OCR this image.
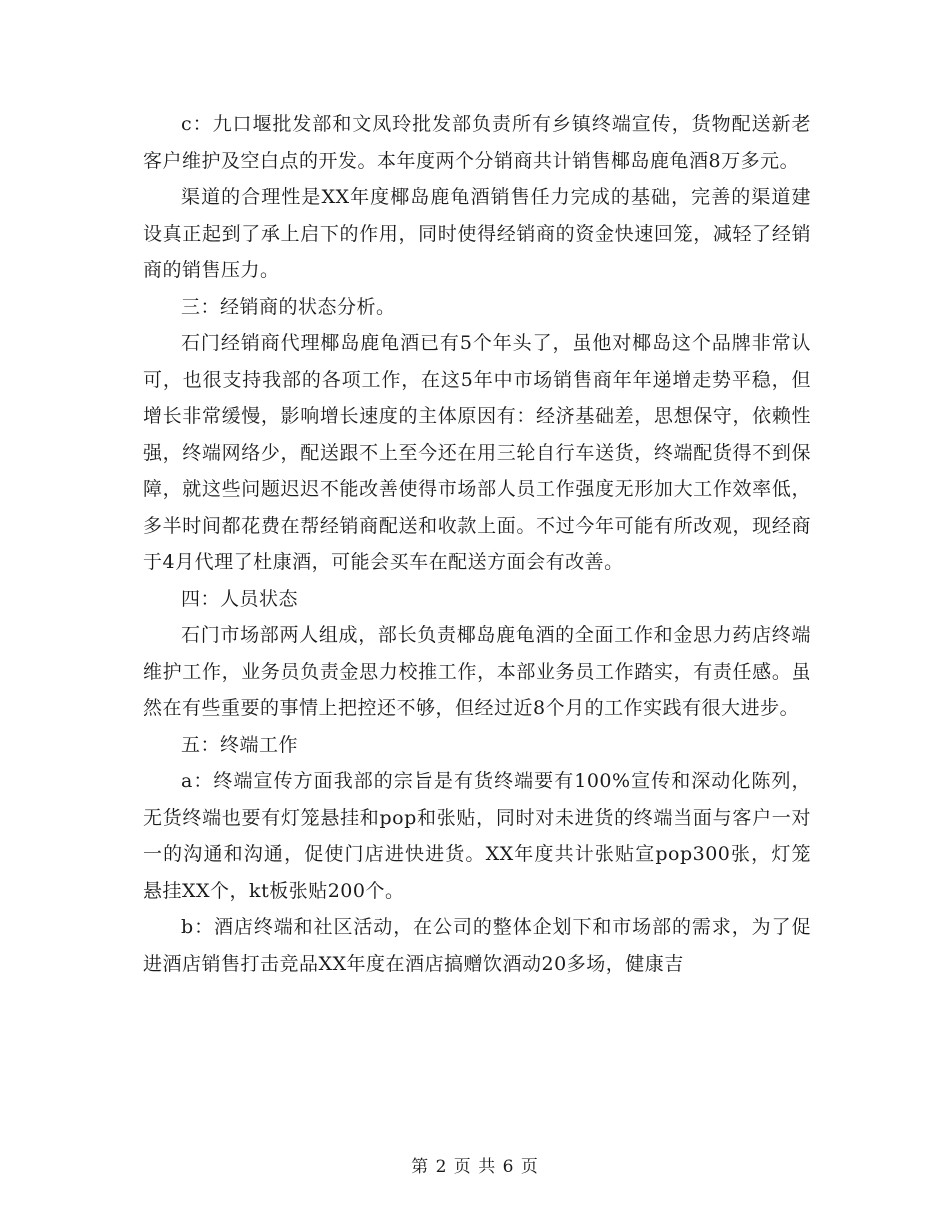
c：九口堰批发部和文凤玲批发部负责所有乡镇终端宣传，货物配送新老客户维护及空白点的开发。本年度两个分销商共计销售椰岛鹿龟酒8万多元。

渠道的合理性是XX年度椰岛鹿龟酒销售任力完成的基础，完善的渠道建设真正起到了承上启下的作用，同时使得经销商的资金快速回笼，减轻了经销商的销售压力。

三：经销商的状态分析。

石门经销商代理椰岛鹿龟酒已有5个年头了，虽他对椰岛这个品牌非常认可，也很支持我部的各项工作，在这5年中市场销售商年年递增走势平稳，但增长非常缓慢，影响增长速度的主体原因有：经济基础差，思想保守，依赖性强，终端网络少，配送跟不上至今还在用三轮自行车送货，终端配货得不到保障，就这些问题迟迟不能改善使得市场部人员工作强度无形加大工作效率低，多半时间都花费在帮经销商配送和收款上面。不过今年可能有所改观，现经商于4月代理了杜康酒，可能会买车在配送方面会有改善。

四：人员状态

石门市场部两人组成，部长负责椰岛鹿龟酒的全面工作和金思力药店终端维护工作，业务员负责金思力校推工作，本部业务员工作踏实，有责任感。虽然在有些重要的事情上把控还不够，但经过近8个月的工作实践有很大进步。

五：终端工作

a：终端宣传方面我部的宗旨是有货终端要有100%宣传和深动化陈列，无货终端也要有灯笼悬挂和pop和张贴，同时对未进货的终端当面与客户一对一的沟通和沟通，促使门店进快进货。XX年度共计张贴宣pop300张，灯笼悬挂XX个，kt板张贴200个。

b：酒店终端和社区活动，在公司的整体企划下和市场部的需求，为了促进酒店销售打击竞品XX年度在酒店搞赠饮酒动20多场，健康吉

第 2 页 共 6 页
